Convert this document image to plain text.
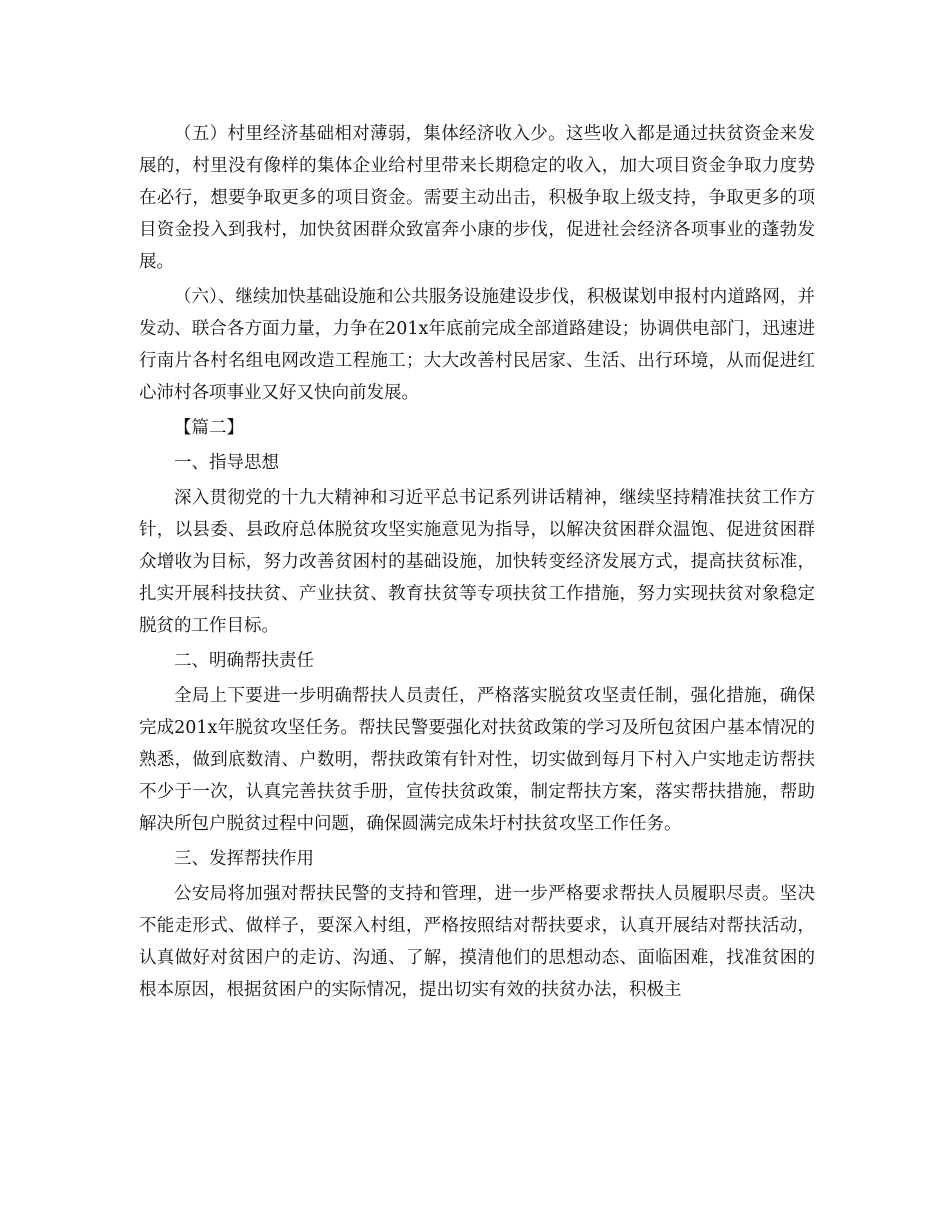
（五）村里经济基础相对薄弱，集体经济收入少。这些收入都是通过扶贫资金来发展的，村里没有像样的集体企业给村里带来长期稳定的收入，加大项目资金争取力度势在必行，想要争取更多的项目资金。需要主动出击，积极争取上级支持，争取更多的项目资金投入到我村，加快贫困群众致富奔小康的步伐，促进社会经济各项事业的蓬勃发展。

（六）、继续加快基础设施和公共服务设施建设步伐，积极谋划申报村内道路网，并发动、联合各方面力量，力争在201x年底前完成全部道路建设；协调供电部门，迅速进行南片各村名组电网改造工程施工；大大改善村民居家、生活、出行环境，从而促进红心沛村各项事业又好又快向前发展。

【篇二】

一、指导思想

深入贯彻党的十九大精神和习近平总书记系列讲话精神，继续坚持精准扶贫工作方针，以县委、县政府总体脱贫攻坚实施意见为指导，以解决贫困群众温饱、促进贫困群众增收为目标，努力改善贫困村的基础设施，加快转变经济发展方式，提高扶贫标准，扎实开展科技扶贫、产业扶贫、教育扶贫等专项扶贫工作措施，努力实现扶贫对象稳定脱贫的工作目标。

二、明确帮扶责任

全局上下要进一步明确帮扶人员责任，严格落实脱贫攻坚责任制，强化措施，确保完成201x年脱贫攻坚任务。帮扶民警要强化对扶贫政策的学习及所包贫困户基本情况的熟悉，做到底数清、户数明，帮扶政策有针对性，切实做到每月下村入户实地走访帮扶不少于一次，认真完善扶贫手册，宣传扶贫政策，制定帮扶方案，落实帮扶措施，帮助解决所包户脱贫过程中问题，确保圆满完成朱圩村扶贫攻坚工作任务。

三、发挥帮扶作用

公安局将加强对帮扶民警的支持和管理，进一步严格要求帮扶人员履职尽责。坚决不能走形式、做样子，要深入村组，严格按照结对帮扶要求，认真开展结对帮扶活动，认真做好对贫困户的走访、沟通、了解，摸清他们的思想动态、面临困难，找准贫困的根本原因，根据贫困户的实际情况，提出切实有效的扶贫办法，积极主
